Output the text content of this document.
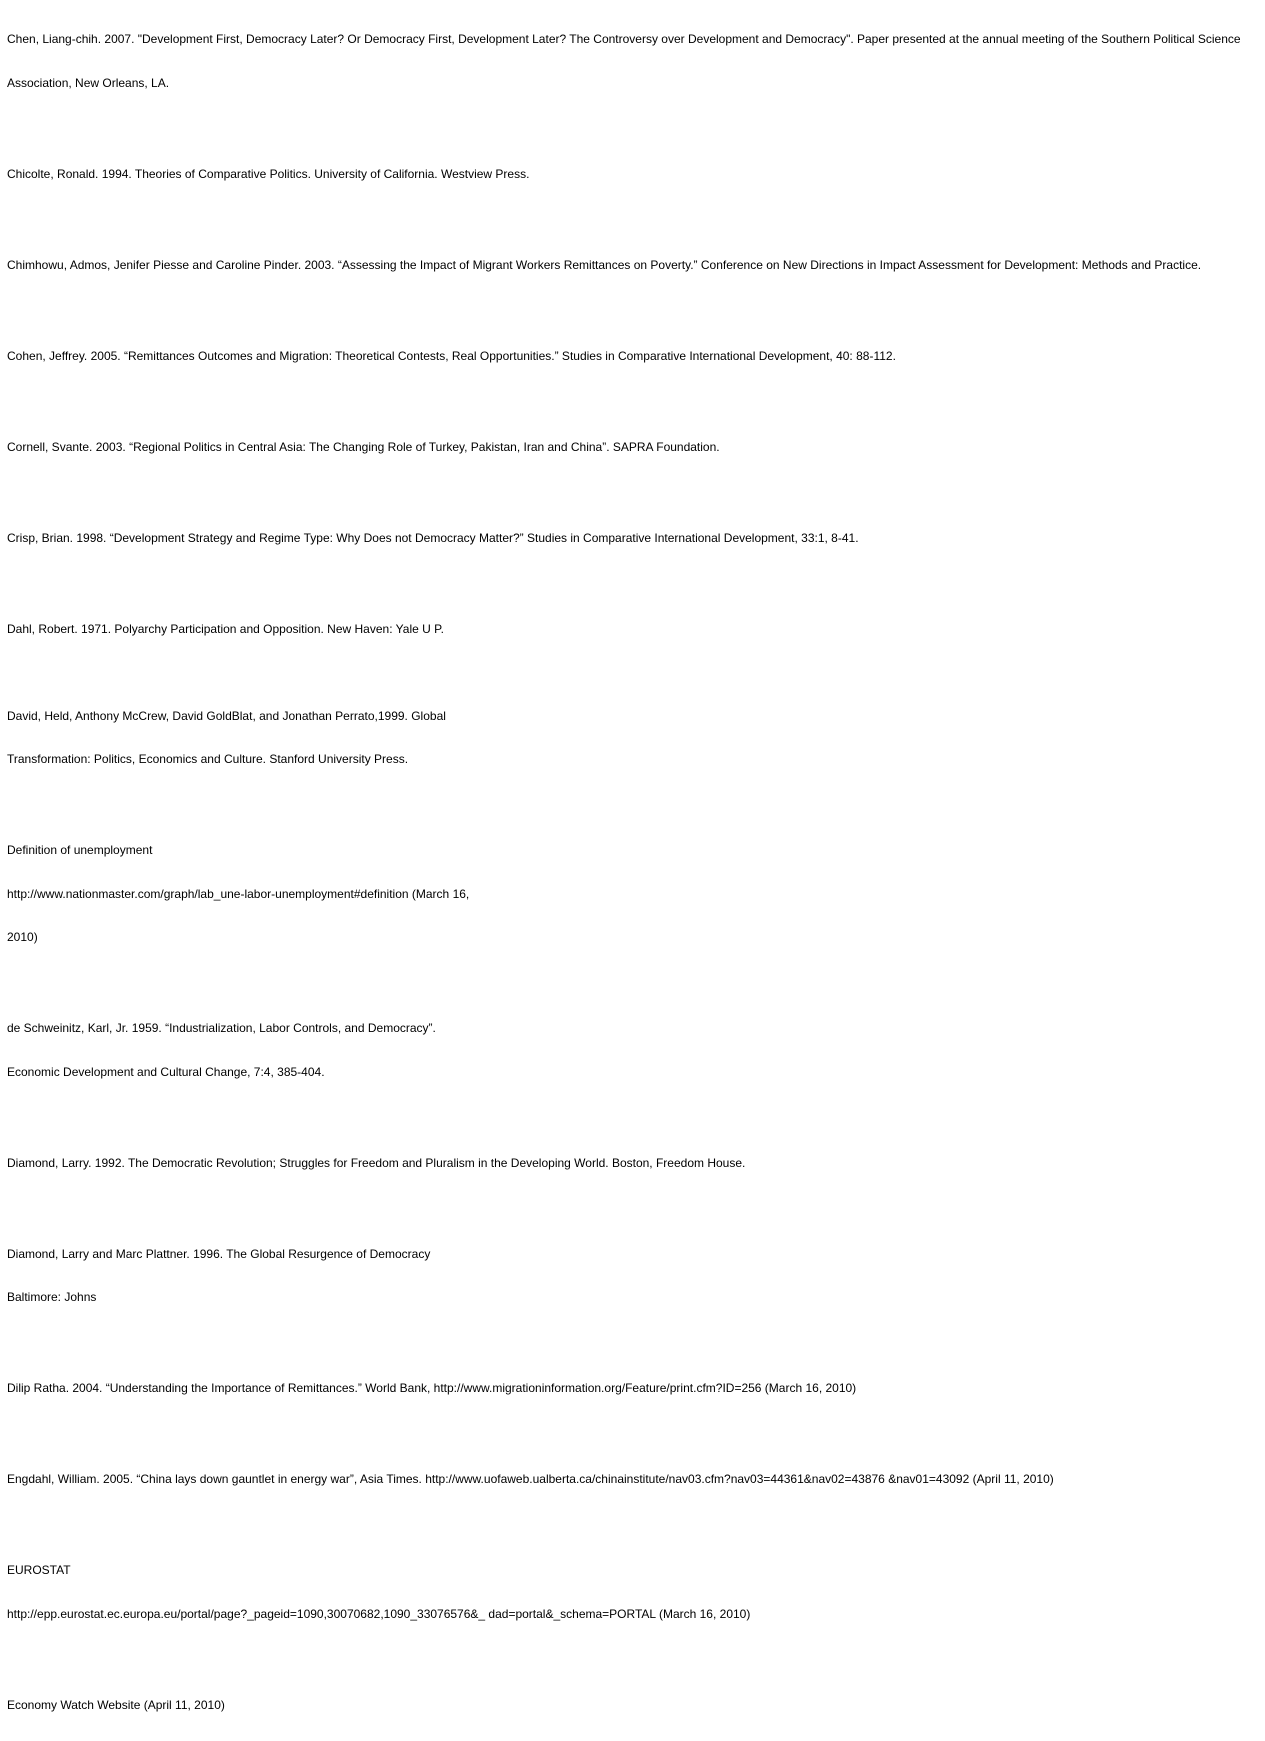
Chen, Liang-chih. 2007. "Development First, Democracy Later? Or Democracy First, Development Later? The Controversy over Development and Democracy". Paper presented at the annual meeting of the Southern Political Science

Association, New Orleans, LA.

Chicolte, Ronald. 1994. Theories of Comparative Politics. University of California. Westview Press.

Chimhowu, Admos, Jenifer Piesse and Caroline Pinder. 2003. “Assessing the Impact of Migrant Workers Remittances on Poverty.” Conference on New Directions in Impact Assessment for Development: Methods and Practice.

Cohen, Jeffrey. 2005. “Remittances Outcomes and Migration: Theoretical Contests, Real Opportunities.” Studies in Comparative International Development, 40: 88-112.

Cornell, Svante. 2003. “Regional Politics in Central Asia: The Changing Role of Turkey, Pakistan, Iran and China”. SAPRA Foundation.

Crisp, Brian. 1998. “Development Strategy and Regime Type: Why Does not Democracy Matter?” Studies in Comparative International Development, 33:1, 8-41.

Dahl, Robert. 1971. Polyarchy Participation and Opposition. New Haven: Yale U P.

David, Held, Anthony McCrew, David GoldBlat, and Jonathan Perrato,1999. Global

Transformation: Politics, Economics and Culture. Stanford University Press.

Definition of unemployment

http://www.nationmaster.com/graph/lab_une-labor-unemployment#definition (March 16,

2010)

de Schweinitz, Karl, Jr. 1959. “Industrialization, Labor Controls, and Democracy”.

Economic Development and Cultural Change, 7:4, 385-404.

Diamond, Larry. 1992. The Democratic Revolution; Struggles for Freedom and Pluralism in the Developing World. Boston, Freedom House.

Diamond, Larry and Marc Plattner. 1996. The Global Resurgence of Democracy

Baltimore: Johns

Dilip Ratha. 2004. “Understanding the Importance of Remittances.” World Bank, http://www.migrationinformation.org/Feature/print.cfm?ID=256 (March 16, 2010)

Engdahl, William. 2005. “China lays down gauntlet in energy war”, Asia Times. http://www.uofaweb.ualberta.ca/chinainstitute/nav03.cfm?nav03=44361&nav02=43876 &nav01=43092 (April 11, 2010)

EUROSTAT

http://epp.eurostat.ec.europa.eu/portal/page?_pageid=1090,30070682,1090_33076576&_ dad=portal&_schema=PORTAL (March 16, 2010)

Economy Watch Website (April 11, 2010)
